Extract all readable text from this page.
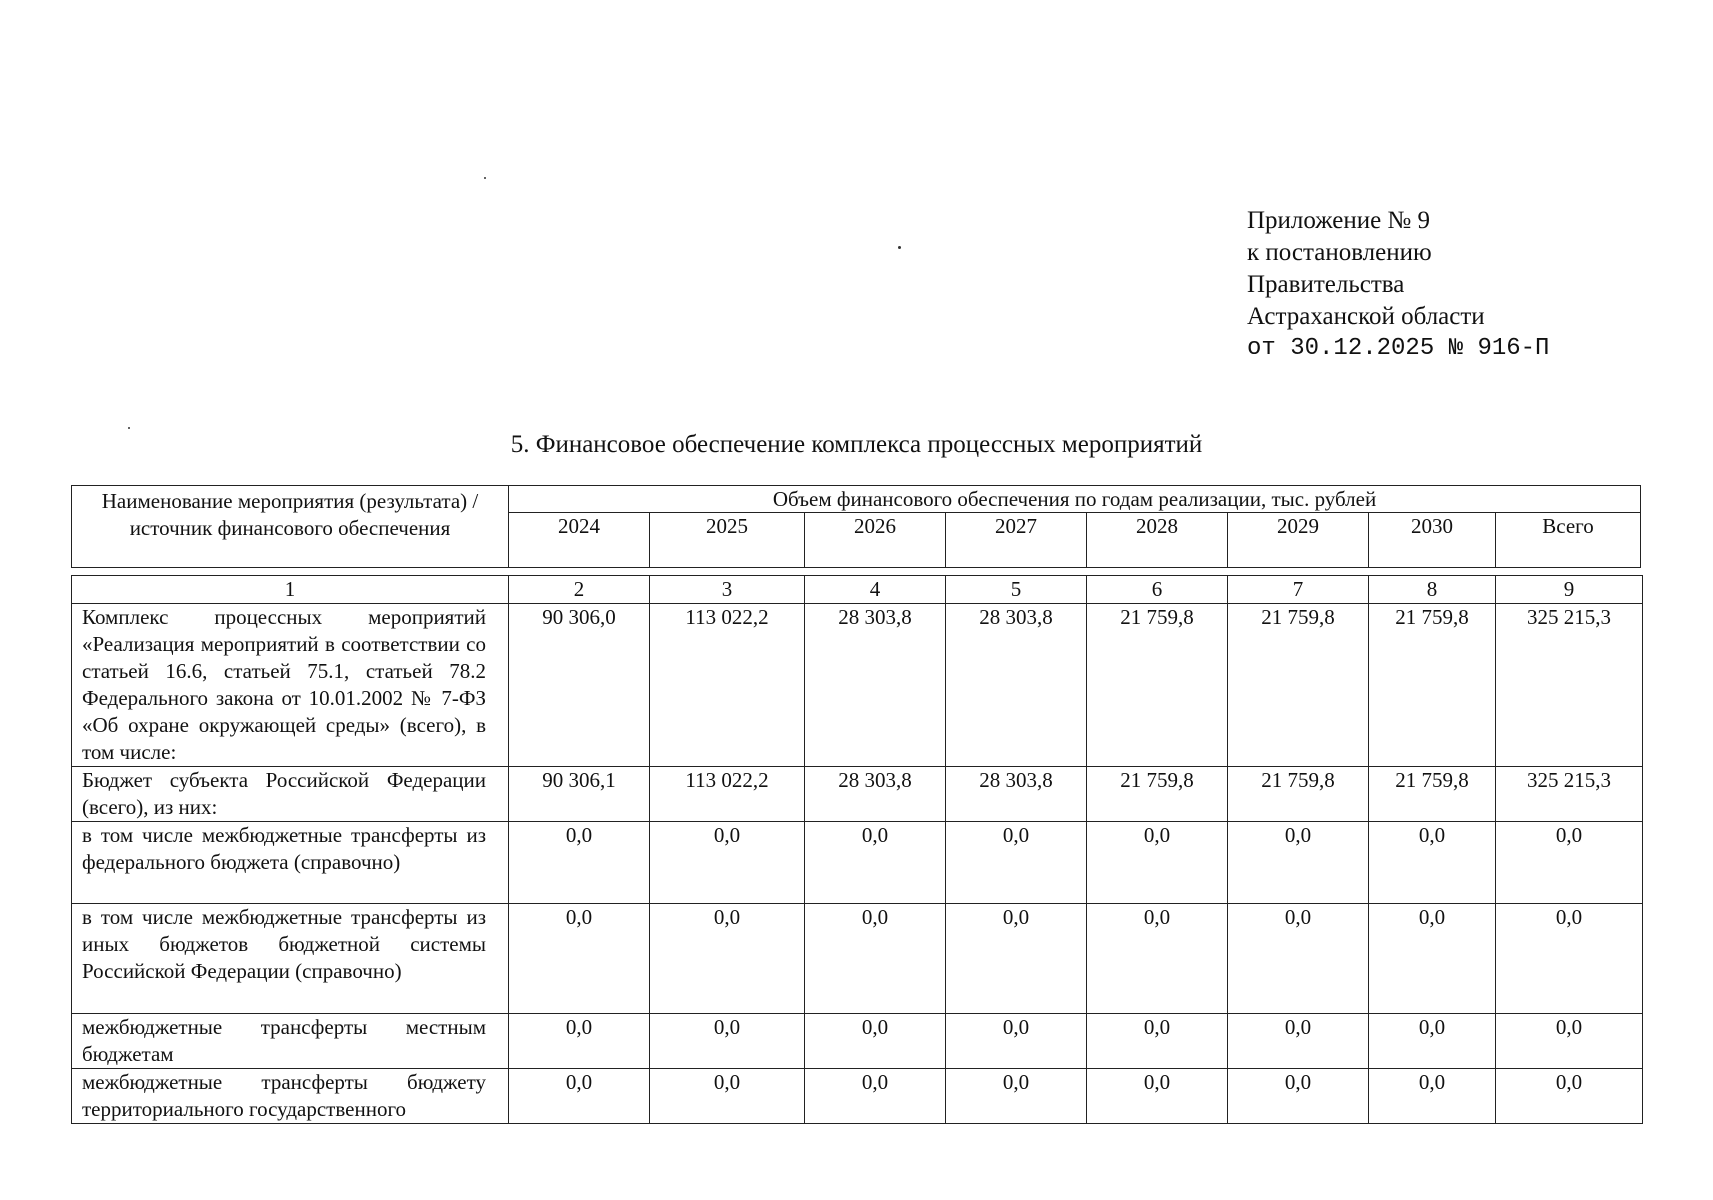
Приложение № 9
к постановлению
Правительства
Астраханской области
от 30.12.2025 № 916-П
5. Финансовое обеспечение комплекса процессных мероприятий
Наименование мероприятия (результата) / источник финансового обеспечения	Объем финансового обеспечения по годам реализации, тыс. рублей							
	2024	2025	2026	2027	2028	2029	2030	Всего
1	2	3	4	5	6	7	8	9
Комплекс процессных мероприятий «Реализация мероприятий в соответствии со статьей 16.6, статьей 75.1, статьей 78.2 Федерального закона от 10.01.2002 № 7-ФЗ «Об охране окружающей среды» (всего), в том числе:	90 306,0	113 022,2	28 303,8	28 303,8	21 759,8	21 759,8	21 759,8	325 215,3
Бюджет субъекта Российской Федерации (всего), из них:	90 306,1	113 022,2	28 303,8	28 303,8	21 759,8	21 759,8	21 759,8	325 215,3
в том числе межбюджетные трансферты из федерального бюджета (справочно)	0,0	0,0	0,0	0,0	0,0	0,0	0,0	0,0
в том числе межбюджетные трансферты из иных бюджетов бюджетной системы Российской Федерации (справочно)	0,0	0,0	0,0	0,0	0,0	0,0	0,0	0,0
межбюджетные трансферты местным бюджетам	0,0	0,0	0,0	0,0	0,0	0,0	0,0	0,0
межбюджетные трансферты бюджету территориального государственного	0,0	0,0	0,0	0,0	0,0	0,0	0,0	0,0
